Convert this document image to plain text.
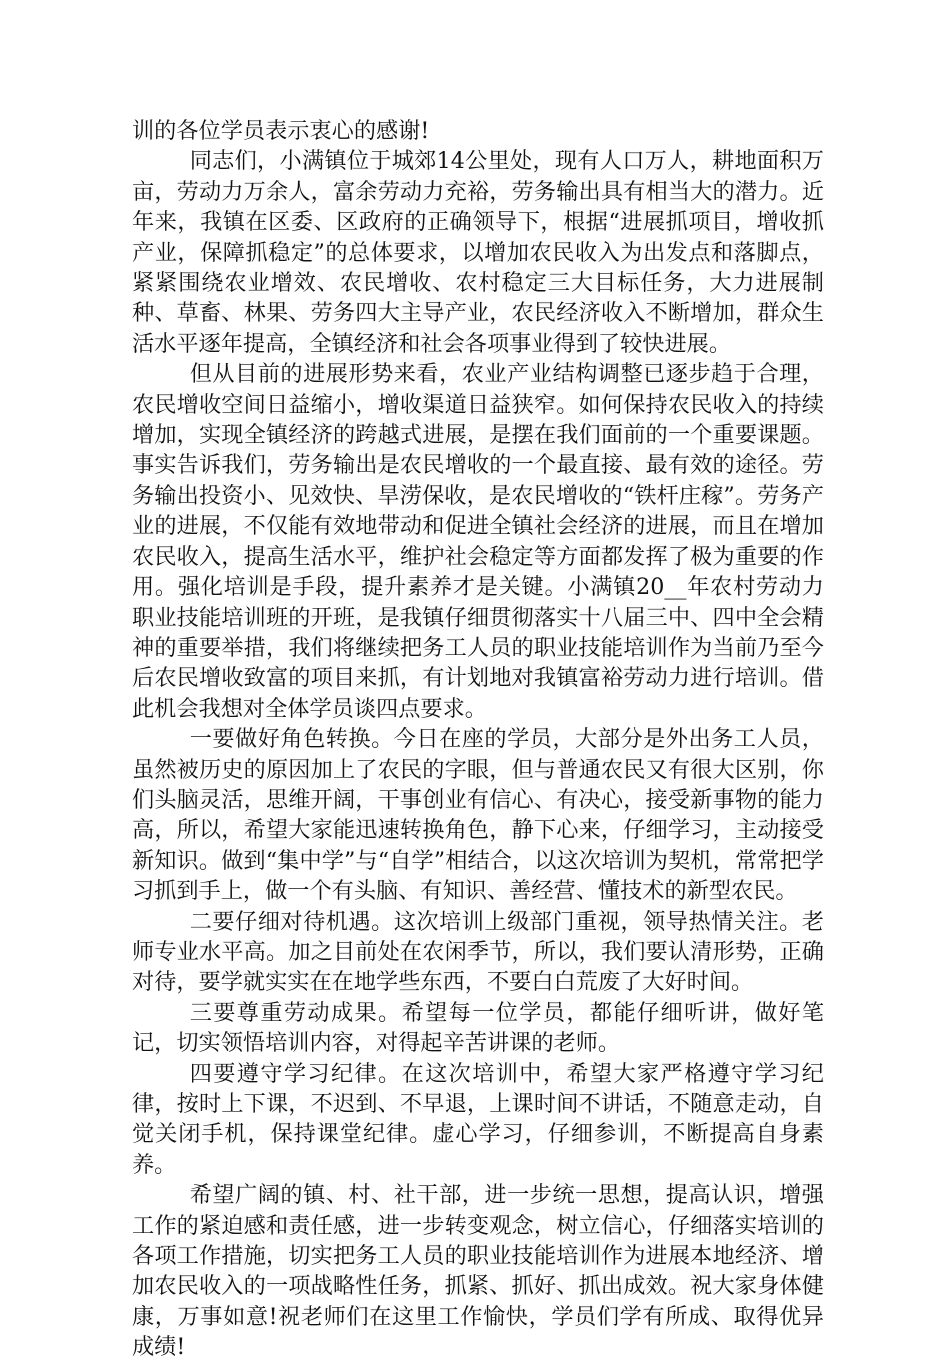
训的各位学员表示衷心的感谢!

同志们，小满镇位于城郊14公里处，现有人口万人，耕地面积万亩，劳动力万余人，富余劳动力充裕，劳务输出具有相当大的潜力。近年来，我镇在区委、区政府的正确领导下，根据“进展抓项目，增收抓产业，保障抓稳定”的总体要求，以增加农民收入为出发点和落脚点，紧紧围绕农业增效、农民增收、农村稳定三大目标任务，大力进展制种、草畜、林果、劳务四大主导产业，农民经济收入不断增加，群众生活水平逐年提高，全镇经济和社会各项事业得到了较快进展。

但从目前的进展形势来看，农业产业结构调整已逐步趋于合理，农民增收空间日益缩小，增收渠道日益狭窄。如何保持农民收入的持续增加，实现全镇经济的跨越式进展，是摆在我们面前的一个重要课题。事实告诉我们，劳务输出是农民增收的一个最直接、最有效的途径。劳务输出投资小、见效快、旱涝保收，是农民增收的“铁杆庄稼”。劳务产业的进展，不仅能有效地带动和促进全镇社会经济的进展，而且在增加农民收入，提高生活水平，维护社会稳定等方面都发挥了极为重要的作用。强化培训是手段，提升素养才是关键。小满镇20__年农村劳动力职业技能培训班的开班，是我镇仔细贯彻落实十八届三中、四中全会精神的重要举措，我们将继续把务工人员的职业技能培训作为当前乃至今后农民增收致富的项目来抓，有计划地对我镇富裕劳动力进行培训。借此机会我想对全体学员谈四点要求。

一要做好角色转换。今日在座的学员，大部分是外出务工人员，虽然被历史的原因加上了农民的字眼，但与普通农民又有很大区别，你们头脑灵活，思维开阔，干事创业有信心、有决心，接受新事物的能力高，所以，希望大家能迅速转换角色，静下心来，仔细学习，主动接受新知识。做到“集中学”与“自学”相结合，以这次培训为契机，常常把学习抓到手上，做一个有头脑、有知识、善经营、懂技术的新型农民。

二要仔细对待机遇。这次培训上级部门重视，领导热情关注。老师专业水平高。加之目前处在农闲季节，所以，我们要认清形势，正确对待，要学就实实在在地学些东西，不要白白荒废了大好时间。

三要尊重劳动成果。希望每一位学员，都能仔细听讲，做好笔记，切实领悟培训内容，对得起辛苦讲课的老师。

四要遵守学习纪律。在这次培训中，希望大家严格遵守学习纪律，按时上下课，不迟到、不早退，上课时间不讲话，不随意走动，自觉关闭手机，保持课堂纪律。虚心学习，仔细参训，不断提高自身素养。

希望广阔的镇、村、社干部，进一步统一思想，提高认识，增强工作的紧迫感和责任感，进一步转变观念，树立信心，仔细落实培训的各项工作措施，切实把务工人员的职业技能培训作为进展本地经济、增加农民收入的一项战略性任务，抓紧、抓好、抓出成效。祝大家身体健康，万事如意!祝老师们在这里工作愉快，学员们学有所成、取得优异成绩!
